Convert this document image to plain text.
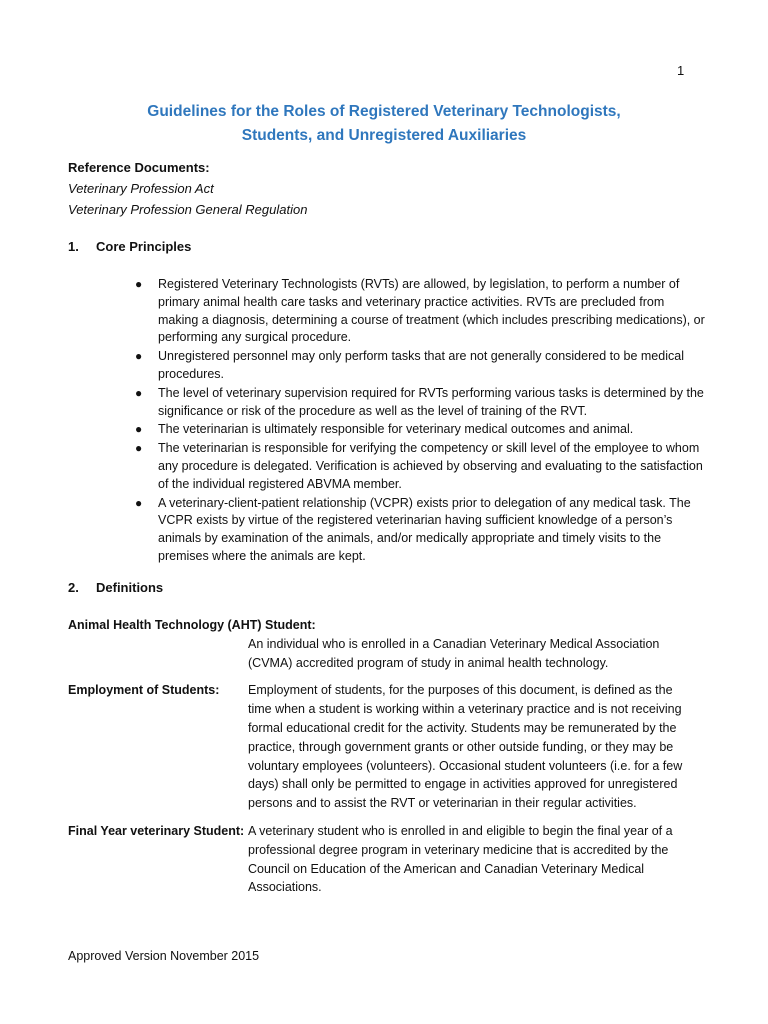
1
Guidelines for the Roles of Registered Veterinary Technologists,
Students, and Unregistered Auxiliaries
Reference Documents:
Veterinary Profession Act
Veterinary Profession General Regulation
1. Core Principles
● Registered Veterinary Technologists (RVTs) are allowed, by legislation, to perform a number of primary animal health care tasks and veterinary practice activities. RVTs are precluded from making a diagnosis, determining a course of treatment (which includes prescribing medications), or performing any surgical procedure.
● Unregistered personnel may only perform tasks that are not generally considered to be medical procedures.
● The level of veterinary supervision required for RVTs performing various tasks is determined by the significance or risk of the procedure as well as the level of training of the RVT.
● The veterinarian is ultimately responsible for veterinary medical outcomes and animal.
● The veterinarian is responsible for verifying the competency or skill level of the employee to whom any procedure is delegated. Verification is achieved by observing and evaluating to the satisfaction of the individual registered ABVMA member.
● A veterinary-client-patient relationship (VCPR) exists prior to delegation of any medical task. The VCPR exists by virtue of the registered veterinarian having sufficient knowledge of a person’s animals by examination of the animals, and/or medically appropriate and timely visits to the premises where the animals are kept.
2. Definitions
Animal Health Technology (AHT) Student:
An individual who is enrolled in a Canadian Veterinary Medical Association (CVMA) accredited program of study in animal health technology.
Employment of Students:	Employment of students, for the purposes of this document, is defined as the time when a student is working within a veterinary practice and is not receiving formal educational credit for the activity. Students may be remunerated by the practice, through government grants or other outside funding, or they may be voluntary employees (volunteers). Occasional student volunteers (i.e. for a few days) shall only be permitted to engage in activities approved for unregistered persons and to assist the RVT or veterinarian in their regular activities.
Final Year veterinary Student: A veterinary student who is enrolled in and eligible to begin the final year of a professional degree program in veterinary medicine that is accredited by the Council on Education of the American and Canadian Veterinary Medical Associations.
Approved Version November 2015
